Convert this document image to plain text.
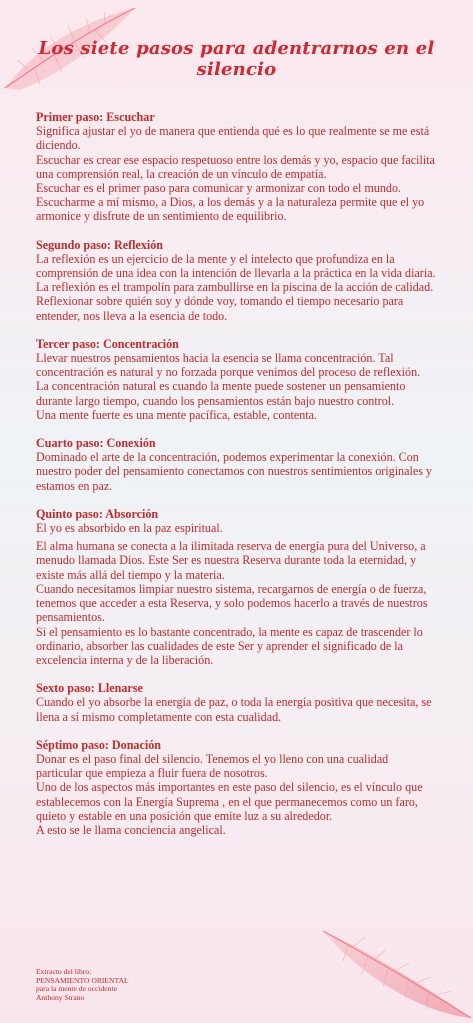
Los siete pasos para adentrarnos en el silencio
Primer paso: Escuchar

Significa ajustar el yo de manera que entienda qué es lo que realmente se me está diciendo.

Escuchar es crear ese espacio respetuoso entre los demás y yo, espacio que facilita una comprensión real, la creación de un vínculo de empatía.

Escuchar es el primer paso para comunicar y armonizar con todo el mundo. Escucharme a mí mismo, a Dios, a los demás y a la naturaleza permite que el yo armonice y disfrute de un sentimiento de equilibrio.

Segundo paso: Reflexión

La reflexión es un ejercicio de la mente y el intelecto que profundiza en la comprensión de una idea con la intención de llevarla a la práctica en la vida diaria.

La reflexión es el trampolín para zambullirse en la piscina de la acción de calidad.

Reflexionar sobre quién soy y dónde voy, tomando el tiempo necesario para entender, nos lleva a la esencia de todo.

Tercer paso: Concentración

Llevar nuestros pensamientos hacia la esencia se llama concentración. Tal concentración es natural y no forzada porque venimos del proceso de reflexión.

La concentración natural es cuando la mente puede sostener un pensamiento durante largo tiempo, cuando los pensamientos están bajo nuestro control.

Una mente fuerte es una mente pacífica, estable, contenta.

Cuarto paso: Conexión

Dominado el arte de la concentración, podemos experimentar la conexión. Con nuestro poder del pensamiento conectamos con nuestros sentimientos originales y estamos en paz.

Quinto paso: Absorción

El yo es absorbido en la paz espiritual.

El alma humana se conecta a la ilimitada reserva de energía pura del Universo, a menudo llamada Dios. Este Ser es nuestra Reserva durante toda la eternidad, y existe más allá del tiempo y la materia.

Cuando necesitamos limpiar nuestro sistema, recargarnos de energía o de fuerza, tenemos que acceder a esta Reserva, y solo podemos hacerlo a través de nuestros pensamientos.

Si el pensamiento es lo bastante concentrado, la mente es capaz de trascender lo ordinario, absorber las cualidades de este Ser y aprender el significado de la excelencia interna y de la liberación.

Sexto paso: Llenarse

Cuando el yo absorbe la energía de paz, o toda la energía positiva que necesita, se llena a sí mismo completamente con esta cualidad.

Séptimo paso: Donación

Donar es el paso final del silencio. Tenemos el yo lleno con una cualidad particular que empieza a fluir fuera de nosotros.

Uno de los aspectos más importantes en este paso del silencio, es el vínculo que establecemos con la Energía Suprema , en el que permanecemos como un faro, quieto y estable en una posición que emite luz a su alrededor.

A esto se le llama conciencia angelical.

Extracto del libro:
PENSAMIENTO ORIENTAL
para la mente de occidente
Anthony Strano
